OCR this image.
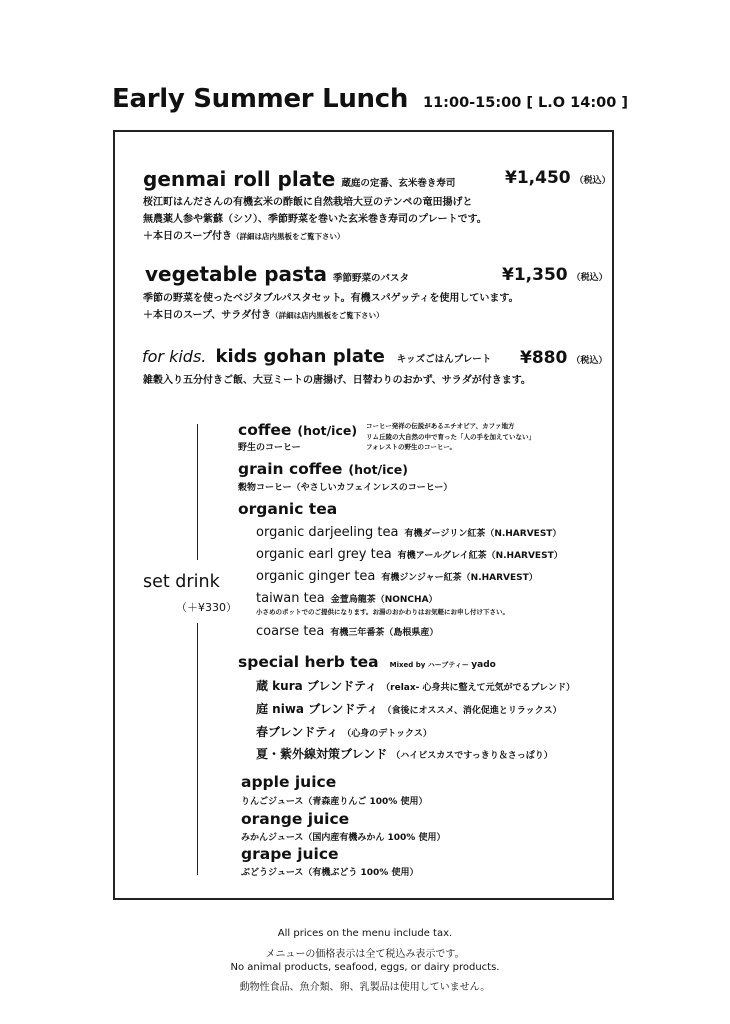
Early Summer Lunch 11:00-15:00 [ L.O 14:00 ]
genmai roll plate 蔵庭の定番、玄米巻き寿司	¥1,450 （税込）
桜江町はんださんの有機玄米の酢飯に自然栽培大豆のテンペの竜田揚げと
無農薬人参や紫蘇（シソ）、季節野菜を巻いた玄米巻き寿司のプレートです。
＋本日のスープ付き（詳細は店内黒板をご覧下さい）
vegetable pasta 季節野菜のパスタ	¥1,350 （税込）
季節の野菜を使ったベジタブルパスタセット。有機スパゲッティを使用しています。
＋本日のスープ、サラダ付き（詳細は店内黒板をご覧下さい）
for kids. kids gohan plate キッズごはんプレート ¥880 （税込）
雑穀入り五分付きご飯、大豆ミートの唐揚げ、日替わりのおかず、サラダが付きます。
set drink
（＋¥330）
coffee (hot/ice)
野生のコーヒー
コーヒー発祥の伝説があるエチオピア、カファ地方
リム丘陵の大自然の中で育った「人の手を加えていない」
フォレストの野生のコーヒー。
grain coffee (hot/ice)
穀物コーヒー（やさしいカフェインレスのコーヒー）
organic tea
organic darjeeling tea 有機ダージリン紅茶（N.HARVEST）
organic earl grey tea 有機アールグレイ紅茶（N.HARVEST）
organic ginger tea 有機ジンジャー紅茶（N.HARVEST）
taiwan tea 金萱烏龍茶（NONCHA）
小さめのポットでのご提供になります。お湯のおかわりはお気軽にお申し付け下さい。
coarse tea 有機三年番茶（島根県産）
special herb tea Mixed by ハーブティー yado
蔵 kura ブレンドティ （relax- 心身共に整えて元気がでるブレンド）
庭 niwa ブレンドティ （食後にオススメ、消化促進とリラックス）
春ブレンドティ （心身のデトックス）
夏・紫外線対策ブレンド （ハイビスカスですっきり＆さっぱり）
apple juice
りんごジュース（青森産りんご 100% 使用）
orange juice
みかんジュース（国内産有機みかん 100% 使用）
grape juice
ぶどうジュース（有機ぶどう 100% 使用）
All prices on the menu include tax.
メニューの価格表示は全て税込み表示です。
No animal products, seafood, eggs, or dairy products.
動物性食品、魚介類、卵、乳製品は使用していません。
